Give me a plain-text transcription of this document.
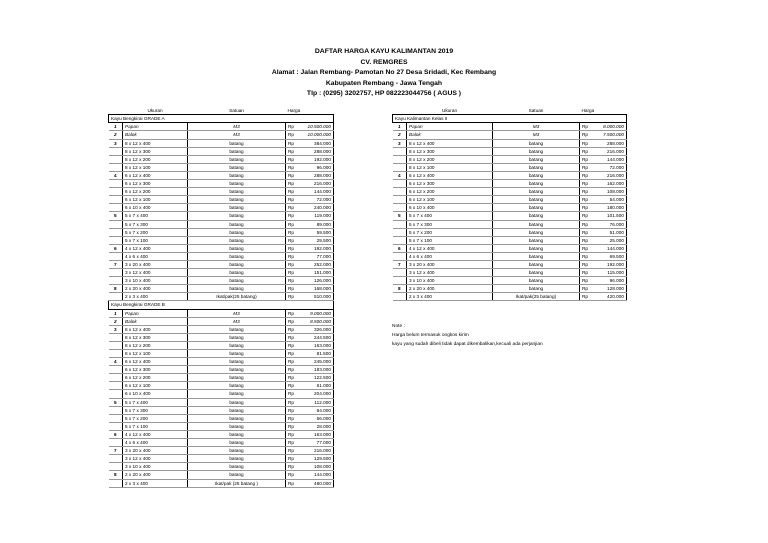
DAFTAR HARGA KAYU KALIMANTAN 2019
CV. REMGRES
Alamat : Jalan Rembang- Pamotan No 27 Desa Sridadi, Kec Rembang
Kabupaten Rembang - Jawa Tengah
Tlp : (0295) 3202757, HP 082223044756 ( AGUS )
	Ukuran	Satuan	Harga	
Kayu Bengkirai GRADE A				
1	Papan	M3	Rp	10.500.000
2	Balok	M3	Rp	10.000.000
3	8 x 12 x 400	batang	Rp	384.000
	8 x 12 x 300	batang	Rp	288.000
	8 x 12 x 200	batang	Rp	192.000
	8 x 12 x 100	batang	Rp	96.000
4	6 x 12 x 400	batang	Rp	288.000
	6 x 12 x 300	batang	Rp	216.000
	6 x 12 x 200	batang	Rp	144.000
	6 x 12 x 100	batang	Rp	72.000
	6 x 10 x 400	batang	Rp	240.000
5	5 x 7 x 400	batang	Rp	119.000
	5 x 7 x 300	batang	Rp	89.000
	5 x 7 x 200	batang	Rp	59.500
	5 x 7 x 100	batang	Rp	29.500
6	4 x 12 x 400	batang	Rp	192.000
	4 x 6 x 400	batang	Rp	77.000
7	3 x 20 x 400	batang	Rp	252.000
	3 x 12 x 400	batang	Rp	151.000
	3 x 10 x 400	batang	Rp	126.000
8	2 x 20 x 400	batang	Rp	168.000
	2 x 3 x 400	Ikat/pak(25 batang)	Rp	510.000
Kayu Bengkirai GRADE B				
1	Papan	M3	Rp	9.000.000
2	Balok	M3	Rp	8.500.000
3	8 x 12 x 400	batang	Rp	326.000
	8 x 12 x 300	batang	Rp	244.500
	8 x 12 x 200	batang	Rp	163.000
	8 x 12 x 100	batang	Rp	81.500
4	6 x 12 x 400	batang	Rp	245.000
	6 x 12 x 300	batang	Rp	183.000
	6 x 12 x 200	batang	Rp	122.500
	6 x 12 x 100	batang	Rp	61.000
	6 x 10 x 400	batang	Rp	204.000
5	5 x 7 x 400	batang	Rp	112.000
	5 x 7 x 300	batang	Rp	84.000
	5 x 7 x 200	batang	Rp	56.000
	5 x 7 x 100	batang	Rp	28.000
6	4 x 12 x 400	batang	Rp	163.000
	4 x 6 x 400	batang	Rp	77.000
7	3 x 20 x 400	batang	Rp	216.000
	3 x 12 x 400	batang	Rp	129.500
	3 x 10 x 400	batang	Rp	108.000
8	2 x 20 x 400	batang	Rp	144.000
	2 x 3 x 400	Ikat/pak (25 batang )	Rp	480.000
	Ukuran	Satuan	Harga	
Kayu Kalimantan Kelas II				
1	Papan	M3	Rp	8.000.000
2	Balok	M3	Rp	7.500.000
3	8 x 12 x 400	batang	Rp	288.000
	8 x 12 x 300	batang	Rp	216.000
	8 x 12 x 200	batang	Rp	144.000
	8 x 12 x 100	batang	Rp	72.000
4	6 x 12 x 400	batang	Rp	216.000
	6 x 12 x 300	batang	Rp	162.000
	6 x 12 x 200	batang	Rp	108.000
	6 x 12 x 100	batang	Rp	54.000
	6 x 10 x 400	batang	Rp	180.000
5	5 x 7 x 400	batang	Rp	101.500
	5 x 7 x 300	batang	Rp	76.000
	5 x 7 x 200	batang	Rp	51.000
	5 x 7 x 100	batang	Rp	25.000
6	4 x 12 x 400	batang	Rp	144.000
	4 x 6 x 400	batang	Rp	69.500
7	3 x 20 x 400	batang	Rp	192.000
	3 x 12 x 400	batang	Rp	115.000
	3 x 10 x 400	batang	Rp	96.000
8	2 x 20 x 400	batang	Rp	128.000
	2 x 3 x 400	Ikat/pak(25 batang)	Rp	420.000
Note :
Harga belum termasuk ongkos kirim
kayu yang sudah dibeli tidak dapat dikembalikan,kecuali ada perjanjian
